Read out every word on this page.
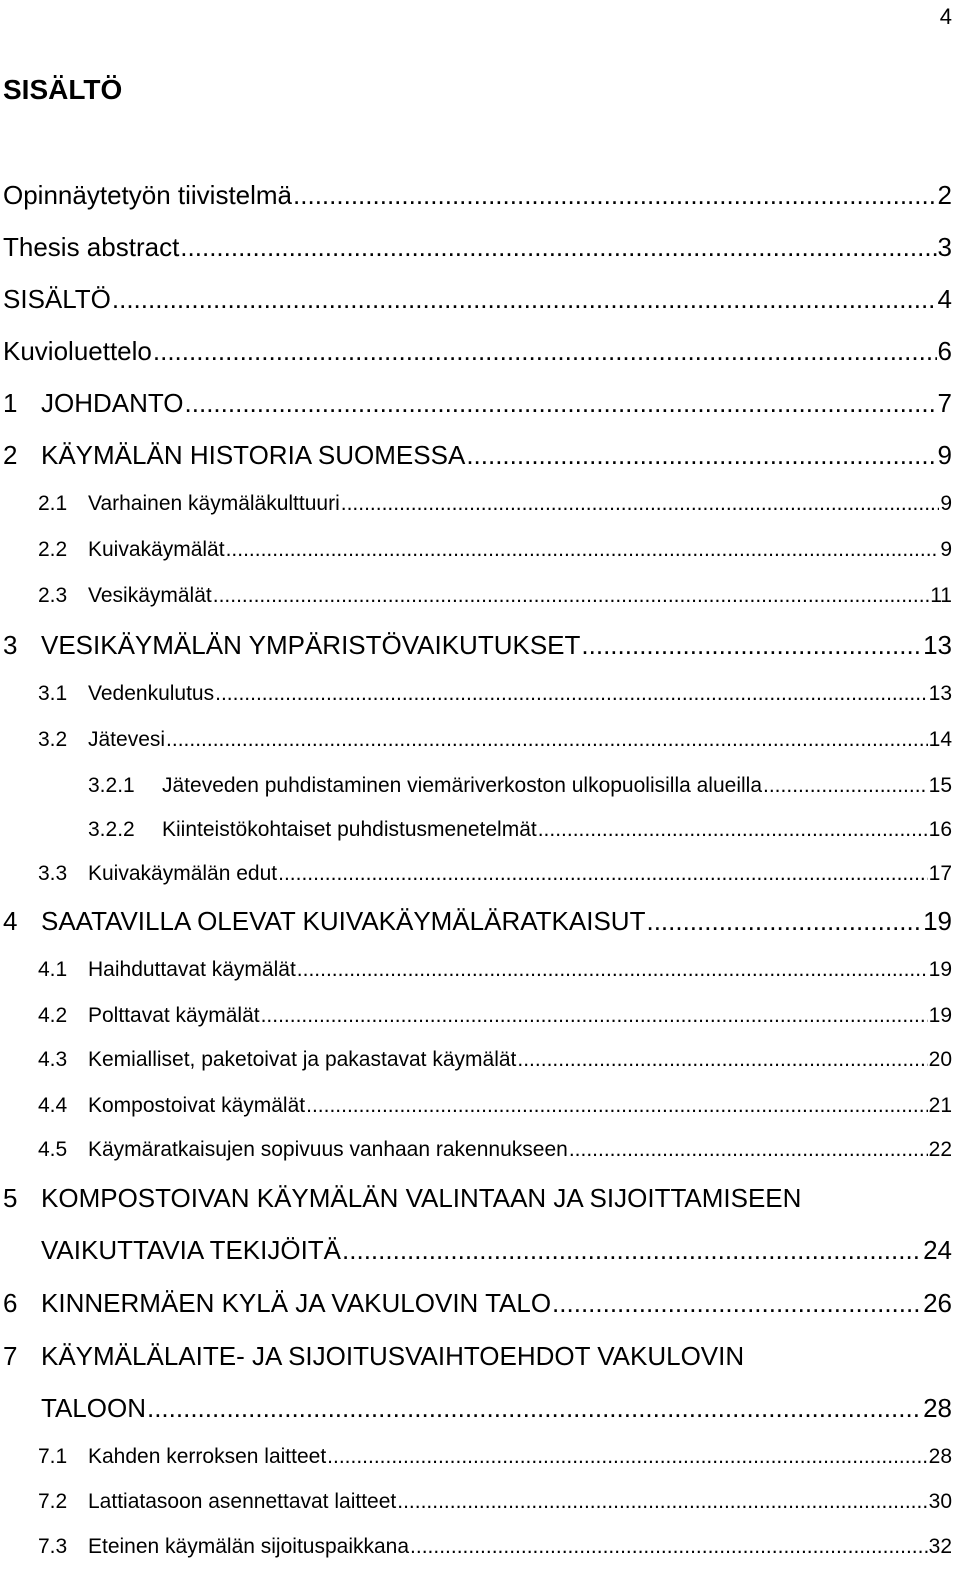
4
SISÄLTÖ
Opinnäytetyön tiivistelmä .....	2
Thesis abstract .....	3
SISÄLTÖ .....	4
Kuvioluettelo .....	6
1 JOHDANTO .....	7
2 KÄYMÄLÄN HISTORIA SUOMESSA .....	9
2.1 Varhainen käymäläkulttuuri .....	9
2.2 Kuivakäymälät .....	9
2.3 Vesikäymälät .....	11
3 VESIKÄYMÄLÄN YMPÄRISTÖVAIKUTUKSET .....	13
3.1 Vedenkulutus .....	13
3.2 Jätevesi .....	14
3.2.1	Jäteveden puhdistaminen viemäriverkoston ulkopuolisilla alueilla .....	15
3.2.2	Kiinteistökohtaiset puhdistusmenetelmät .....	16
3.3 Kuivakäymälän edut .....	17
4 SAATAVILLA OLEVAT KUIVAKÄYMÄLÄRATKAISUT .....	19
4.1 Haihduttavat käymälät .....	19
4.2 Polttavat käymälät .....	19
4.3 Kemialliset, paketoivat ja pakastavat käymälät .....	20
4.4 Kompostoivat käymälät .....	21
4.5 Käymäratkaisujen sopivuus vanhaan rakennukseen .....	22
5 KOMPOSTOIVAN KÄYMÄLÄN VALINTAAN JA SIJOITTAMISEEN
VAIKUTTAVIA TEKIJÖITÄ .....	24
6 KINNERMÄEN KYLÄ JA VAKULOVIN TALO .....	26
7 KÄYMÄLÄLAITE- JA SIJOITUSVAIHTOEHDOT VAKULOVIN
TALOON .....	28
7.1 Kahden kerroksen laitteet .....	28
7.2 Lattiatasoon asennettavat laitteet .....	30
7.3 Eteinen käymälän sijoituspaikkana .....	32
